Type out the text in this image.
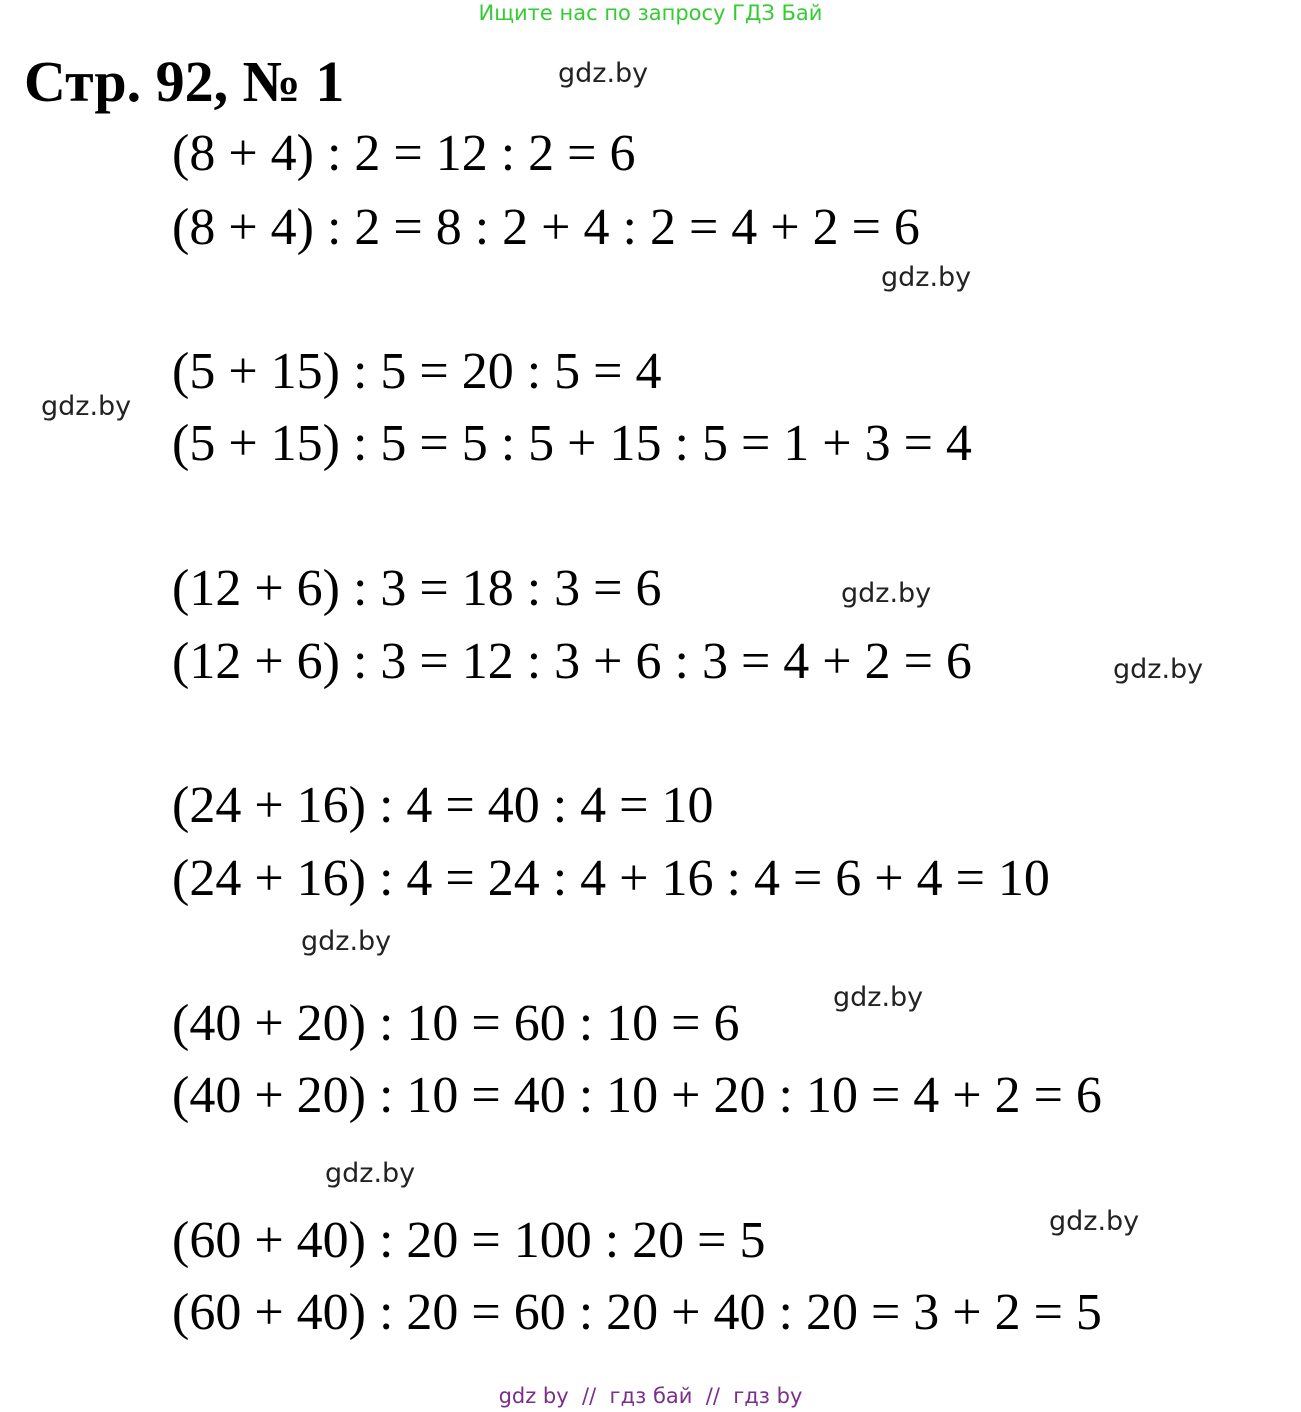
Ищите нас по запросу ГДЗ Бай
Стр. 92, № 1
(8 + 4) : 2 = 12 : 2 = 6
(8 + 4) : 2 = 8 : 2 + 4 : 2 = 4 + 2 = 6
(5 + 15) : 5 = 20 : 5 = 4
(5 + 15) : 5 = 5 : 5 + 15 : 5 = 1 + 3 = 4
(12 + 6) : 3 = 18 : 3 = 6
(12 + 6) : 3 = 12 : 3 + 6 : 3 = 4 + 2 = 6
(24 + 16) : 4 = 40 : 4 = 10
(24 + 16) : 4 = 24 : 4 + 16 : 4 = 6 + 4 = 10
(40 + 20) : 10 = 60 : 10 = 6
(40 + 20) : 10 = 40 : 10 + 20 : 10 = 4 + 2 = 6
(60 + 40) : 20 = 100 : 20 = 5
(60 + 40) : 20 = 60 : 20 + 40 : 20 = 3 + 2 = 5
gdz.by
gdz.by
gdz.by
gdz.by
gdz.by
gdz.by
gdz.by
gdz.by
gdz.by
gdz by  //  гдз бай  //  гдз by
